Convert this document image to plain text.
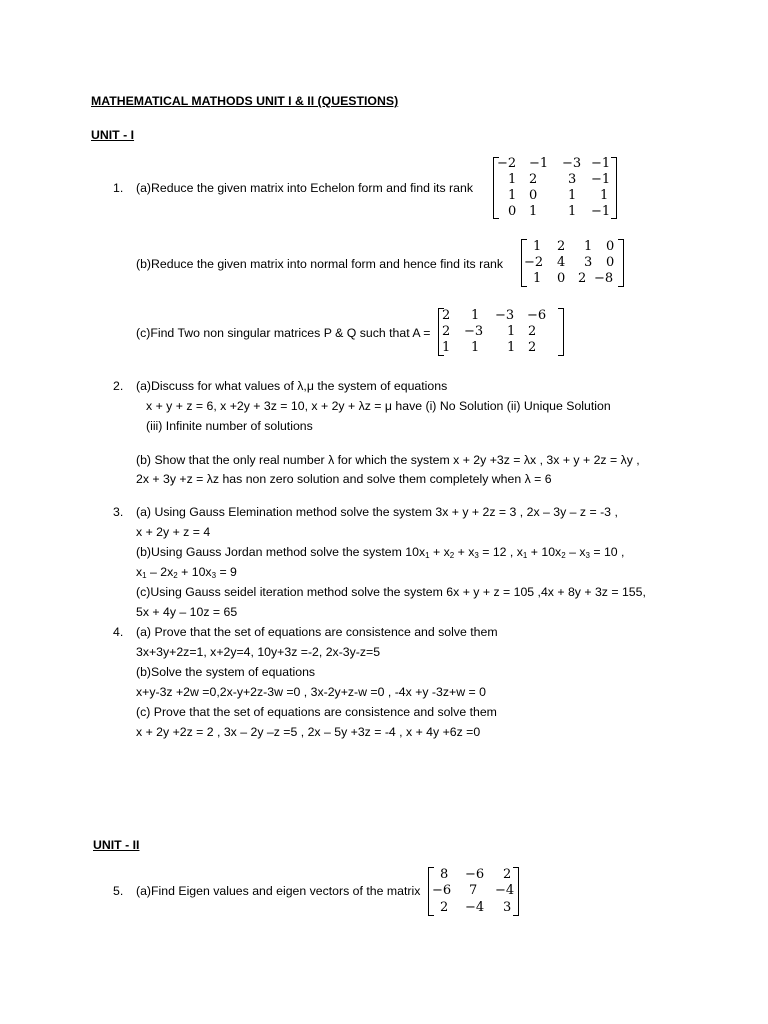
MATHEMATICAL MATHODS UNIT I & II (QUESTIONS)
UNIT - I
1. (a)Reduce the given matrix into Echelon form and find its rank
−2 −1 −3 −1
1 2 3 −1
1 0 1 1
0 1 1 −1
(b)Reduce the given matrix into normal form and hence find its rank
1 2 1 0
−2 4 3 0
1 0 2 −8
(c)Find Two non singular matrices P & Q such that A =
2 1 −3 −6
2 −3 1 2
1 1 1 2
2. (a)Discuss for what values of λ,μ the system of equations
x + y + z = 6, x +2y + 3z = 10, x + 2y + λz = μ have (i) No Solution (ii) Unique Solution
(iii) Infinite number of solutions
(b) Show that the only real number λ for which the system x + 2y +3z = λx , 3x + y + 2z = λy ,
2x + 3y +z = λz has non zero solution and solve them completely when λ = 6
3. (a) Using Gauss Elemination method solve the system 3x + y + 2z = 3 , 2x – 3y – z = -3 ,
x + 2y + z = 4
(b)Using Gauss Jordan method solve the system $10x_1 + x_2 + x_3 = 12$ , $x_1 + 10x_2 - x_3 = 10$ ,
$x_1 - 2x_2 + 10x_3 = 9$
(c)Using Gauss seidel iteration method solve the system 6x + y + z = 105 ,4x + 8y + 3z = 155,
5x + 4y – 10z = 65
4. (a) Prove that the set of equations are consistence and solve them
3x+3y+2z=1, x+2y=4, 10y+3z =-2, 2x-3y-z=5
(b)Solve the system of equations
x+y-3z +2w =0,2x-y+2z-3w =0 , 3x-2y+z-w =0 , -4x +y -3z+w = 0
(c) Prove that the set of equations are consistence and solve them
x + 2y +2z = 2 , 3x – 2y –z =5 , 2x – 5y +3z = -4 , x + 4y +6z =0
UNIT - II
5. (a)Find Eigen values and eigen vectors of the matrix
8 −6 2
−6 7 −4
2 −4 3
